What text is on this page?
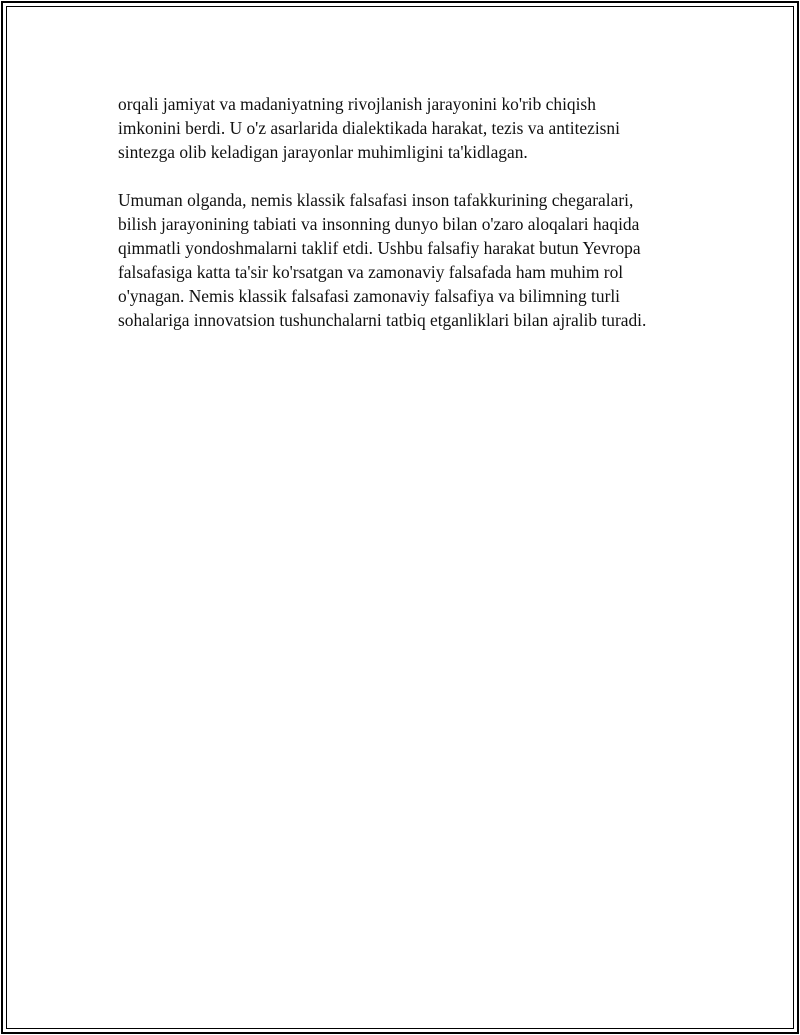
orqali jamiyat va madaniyatning rivojlanish jarayonini ko'rib chiqish
imkonini berdi. U o'z asarlarida dialektikada harakat, tezis va antitezisni
sintezga olib keladigan jarayonlar muhimligini ta'kidlagan.

Umuman olganda, nemis klassik falsafasi inson tafakkurining chegaralari,
bilish jarayonining tabiati va insonning dunyo bilan o'zaro aloqalari haqida
qimmatli yondoshmalarni taklif etdi. Ushbu falsafiy harakat butun Yevropa
falsafasiga katta ta'sir ko'rsatgan va zamonaviy falsafada ham muhim rol
o'ynagan. Nemis klassik falsafasi zamonaviy falsafiya va bilimning turli
sohalariga innovatsion tushunchalarni tatbiq etganliklari bilan ajralib turadi.
